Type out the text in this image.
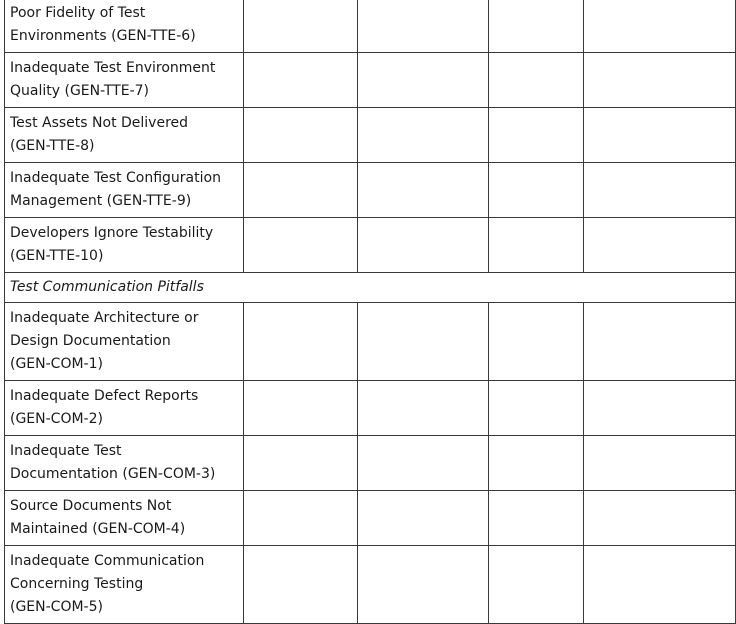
Poor Fidelity of Test
Environments (GEN-TTE-6)				

Inadequate Test Environment
Quality (GEN-TTE-7)				

Test Assets Not Delivered
(GEN-TTE-8)				

Inadequate Test Configuration
Management (GEN-TTE-9)				

Developers Ignore Testability
(GEN-TTE-10)				

Test Communication Pitfalls				

Inadequate Architecture or
Design Documentation
(GEN-COM-1)				

Inadequate Defect Reports
(GEN-COM-2)				

Inadequate Test
Documentation (GEN-COM-3)				

Source Documents Not
Maintained (GEN-COM-4)				

Inadequate Communication
Concerning Testing
(GEN-COM-5)				
